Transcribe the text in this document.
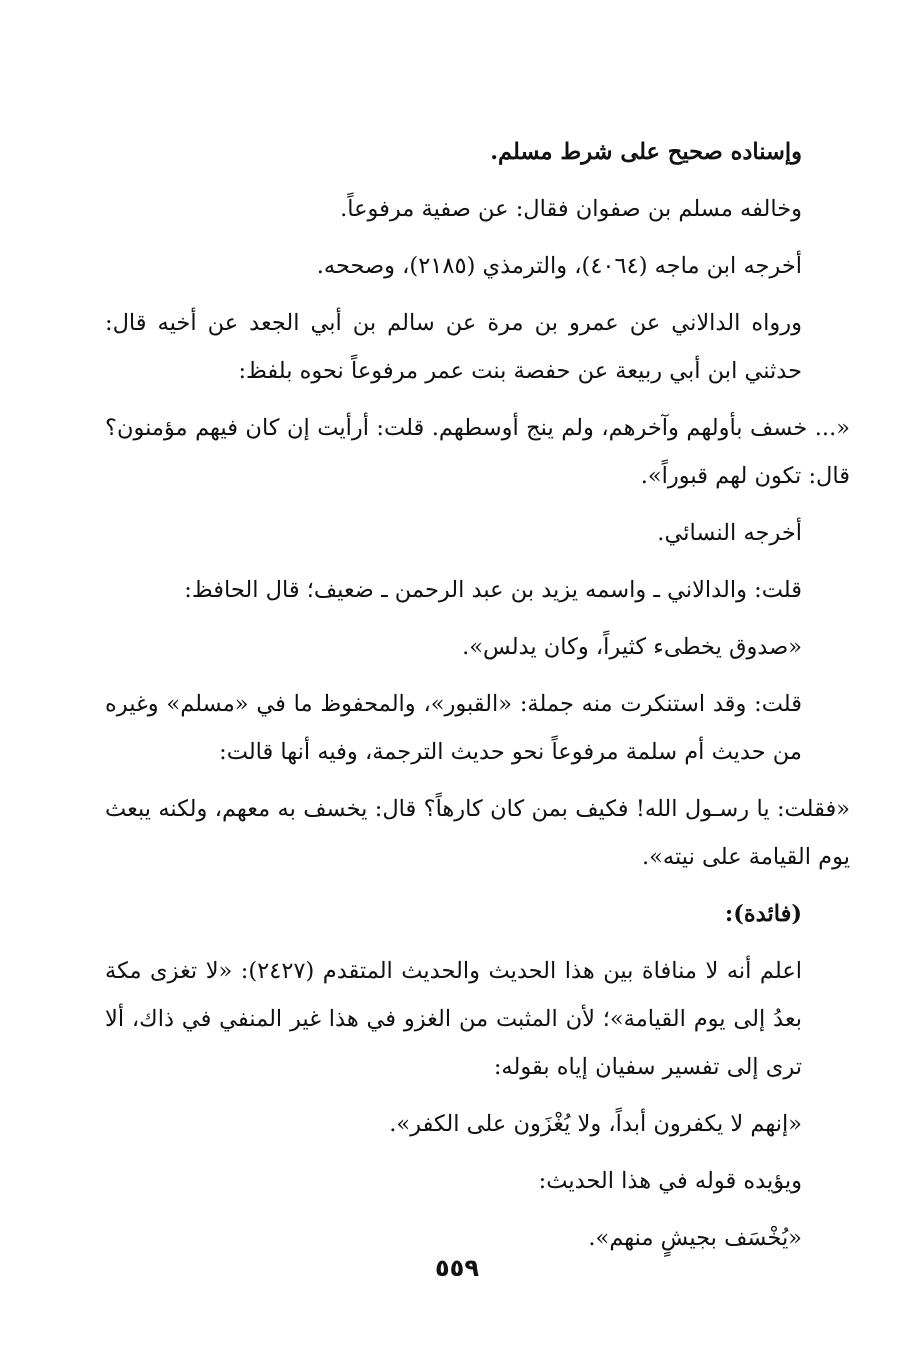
وإسناده صحيح على شرط مسلم.

وخالفه مسلم بن صفوان فقال: عن صفية مرفوعاً.

أخرجه ابن ماجه (٤٠٦٤)، والترمذي (٢١٨٥)، وصححه.

ورواه الدالاني عن عمرو بن مرة عن سالم بن أبي الجعد عن أخيه قال: حدثني ابن أبي ربيعة عن حفصة بنت عمر مرفوعاً نحوه بلفظ:

«... خسف بأولهم وآخرهم، ولم ينج أوسطهم. قلت: أرأيت إن كان فيهم مؤمنون؟ قال: تكون لهم قبوراً».

أخرجه النسائي.

قلت: والدالاني ـ واسمه يزيد بن عبد الرحمن ـ ضعيف؛ قال الحافظ:

«صدوق يخطىء كثيراً، وكان يدلس».

قلت: وقد استنكرت منه جملة: «القبور»، والمحفوظ ما في «مسلم» وغيره من حديث أم سلمة مرفوعاً نحو حديث الترجمة، وفيه أنها قالت:

«فقلت: يا رسـول الله! فكيف بمن كان كارهاً؟ قال: يخسف به معهم، ولكنه يبعث يوم القيامة على نيته».

(فائدة):

اعلم أنه لا منافاة بين هذا الحديث والحديث المتقدم (٢٤٢٧): «لا تغزى مكة بعدُ إلى يوم القيامة»؛ لأن المثبت من الغزو في هذا غير المنفي في ذاك، ألا ترى إلى تفسير سفيان إياه بقوله:

«إنهم لا يكفرون أبداً، ولا يُغْزَون على الكفر».

ويؤيده قوله في هذا الحديث:

«يُخْسَف بجيشٍ منهم».

٥٥٩
